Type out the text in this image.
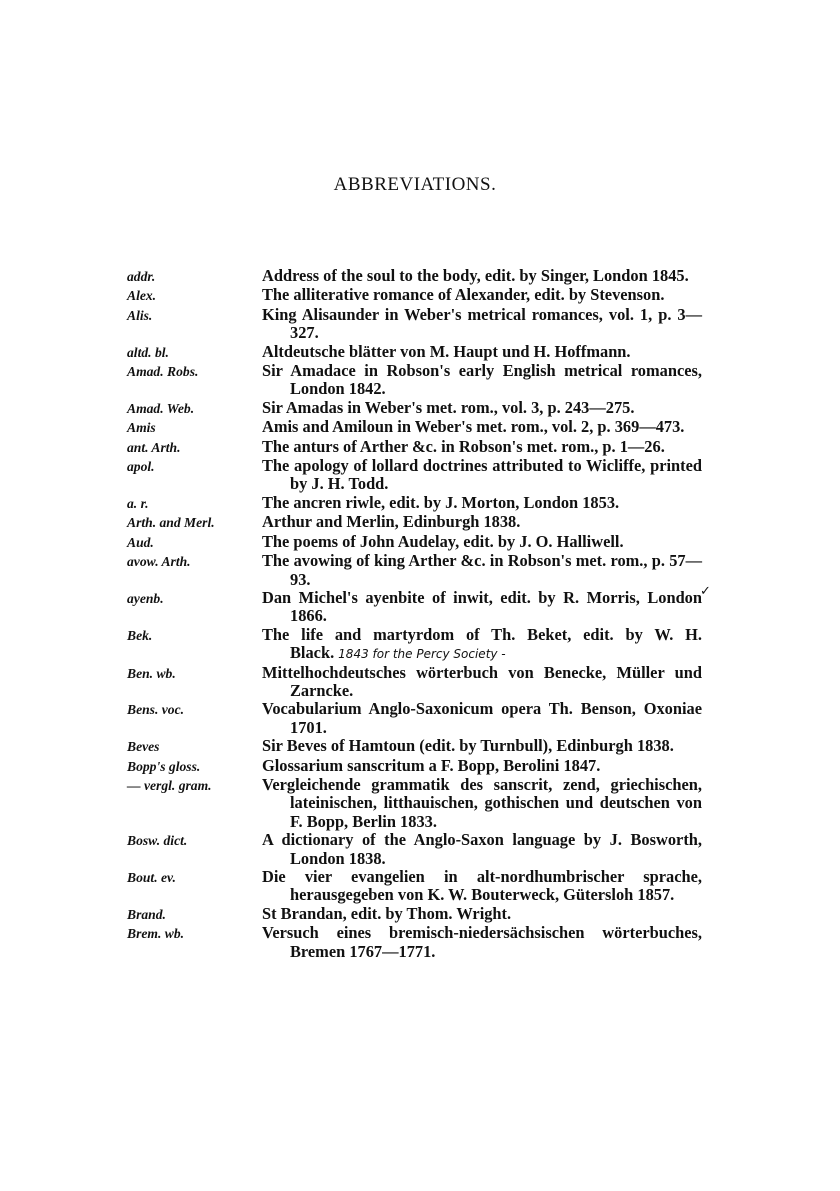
ABBREVIATIONS.
addr.	Address of the soul to the body, edit. by Singer, London 1845.
Alex.	The alliterative romance of Alexander, edit. by Stevenson.
Alis.	King Alisaunder in Weber's metrical romances, vol. 1, p. 3—327.
altd. bl.	Altdeutsche blätter von M. Haupt und H. Hoffmann.
Amad. Robs.	Sir Amadace in Robson's early English metrical romances, London 1842.
Amad. Web.	Sir Amadas in Weber's met. rom., vol. 3, p. 243—275.
Amis	Amis and Amiloun in Weber's met. rom., vol. 2, p. 369—473.
ant. Arth.	The anturs of Arther &c. in Robson's met. rom., p. 1—26.
apol.	The apology of lollard doctrines attributed to Wicliffe, printed by J. H. Todd.
a. r.	The ancren riwle, edit. by J. Morton, London 1853.
Arth. and Merl.	Arthur and Merlin, Edinburgh 1838.
Aud.	The poems of John Audelay, edit. by J. O. Halliwell.
avow. Arth.	The avowing of king Arther &c. in Robson's met. rom., p. 57—93.
ayenb.	Dan Michel's ayenbite of inwit, edit. by R. Morris, London 1866.
Bek.	The life and martyrdom of Th. Beket, edit. by W. H. Black. 1843 for the Percy Society -
Ben. wb.	Mittelhochdeutsches wörterbuch von Benecke, Müller und Zarncke.
Bens. voc.	Vocabularium Anglo-Saxonicum opera Th. Benson, Oxoniae 1701.
Beves	Sir Beves of Hamtoun (edit. by Turnbull), Edinburgh 1838.
Bopp's gloss.	Glossarium sanscritum a F. Bopp, Berolini 1847.
— vergl. gram.	Vergleichende grammatik des sanscrit, zend, griechischen, lateinischen, litthauischen, gothischen und deutschen von F. Bopp, Berlin 1833.
Bosw. dict.	A dictionary of the Anglo-Saxon language by J. Bosworth, London 1838.
Bout. ev.	Die vier evangelien in alt-nordhumbrischer sprache, herausgegeben von K. W. Bouterweck, Gütersloh 1857.
Brand.	St Brandan, edit. by Thom. Wright.
Brem. wb.	Versuch eines bremisch-niedersächsischen wörterbuches, Bremen 1767—1771.
✓
